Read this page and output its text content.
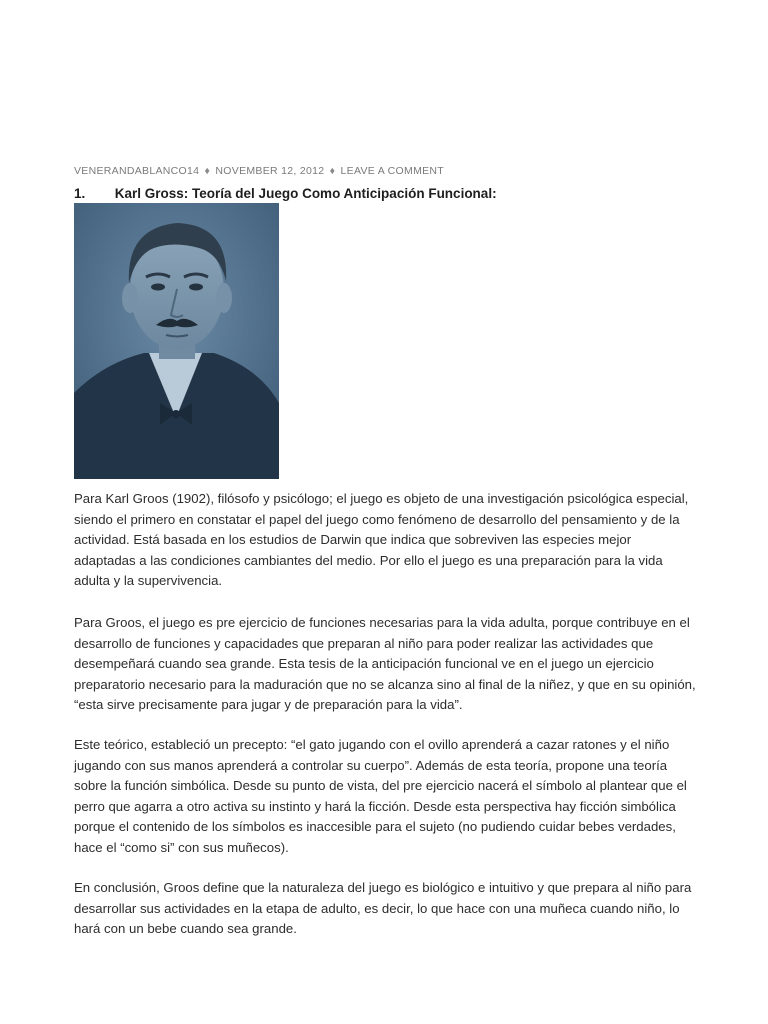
VENERANDABLANCO14 ♦ NOVEMBER 12, 2012 ♦ LEAVE A COMMENT
1. Karl Gross: Teoría del Juego Como Anticipación Funcional:

Para Karl Groos (1902), filósofo y psicólogo; el juego es objeto de una investigación psicológica especial, siendo el primero en constatar el papel del juego como fenómeno de desarrollo del pensamiento y de la actividad. Está basada en los estudios de Darwin que indica que sobreviven las especies mejor adaptadas a las condiciones cambiantes del medio. Por ello el juego es una preparación para la vida adulta y la supervivencia.

Para Groos, el juego es pre ejercicio de funciones necesarias para la vida adulta, porque contribuye en el desarrollo de funciones y capacidades que preparan al niño para poder realizar las actividades que desempeñará cuando sea grande. Esta tesis de la anticipación funcional ve en el juego un ejercicio preparatorio necesario para la maduración que no se alcanza sino al final de la niñez, y que en su opinión, “esta sirve precisamente para jugar y de preparación para la vida”.

Este teórico, estableció un precepto: “el gato jugando con el ovillo aprenderá a cazar ratones y el niño jugando con sus manos aprenderá a controlar su cuerpo”. Además de esta teoría, propone una teoría sobre la función simbólica. Desde su punto de vista, del pre ejercicio nacerá el símbolo al plantear que el perro que agarra a otro activa su instinto y hará la ficción. Desde esta perspectiva hay ficción simbólica porque el contenido de los símbolos es inaccesible para el sujeto (no pudiendo cuidar bebes verdades, hace el “como si” con sus muñecos).

En conclusión, Groos define que la naturaleza del juego es biológico e intuitivo y que prepara al niño para desarrollar sus actividades en la etapa de adulto, es decir, lo que hace con una muñeca cuando niño, lo hará con un bebe cuando sea grande.
